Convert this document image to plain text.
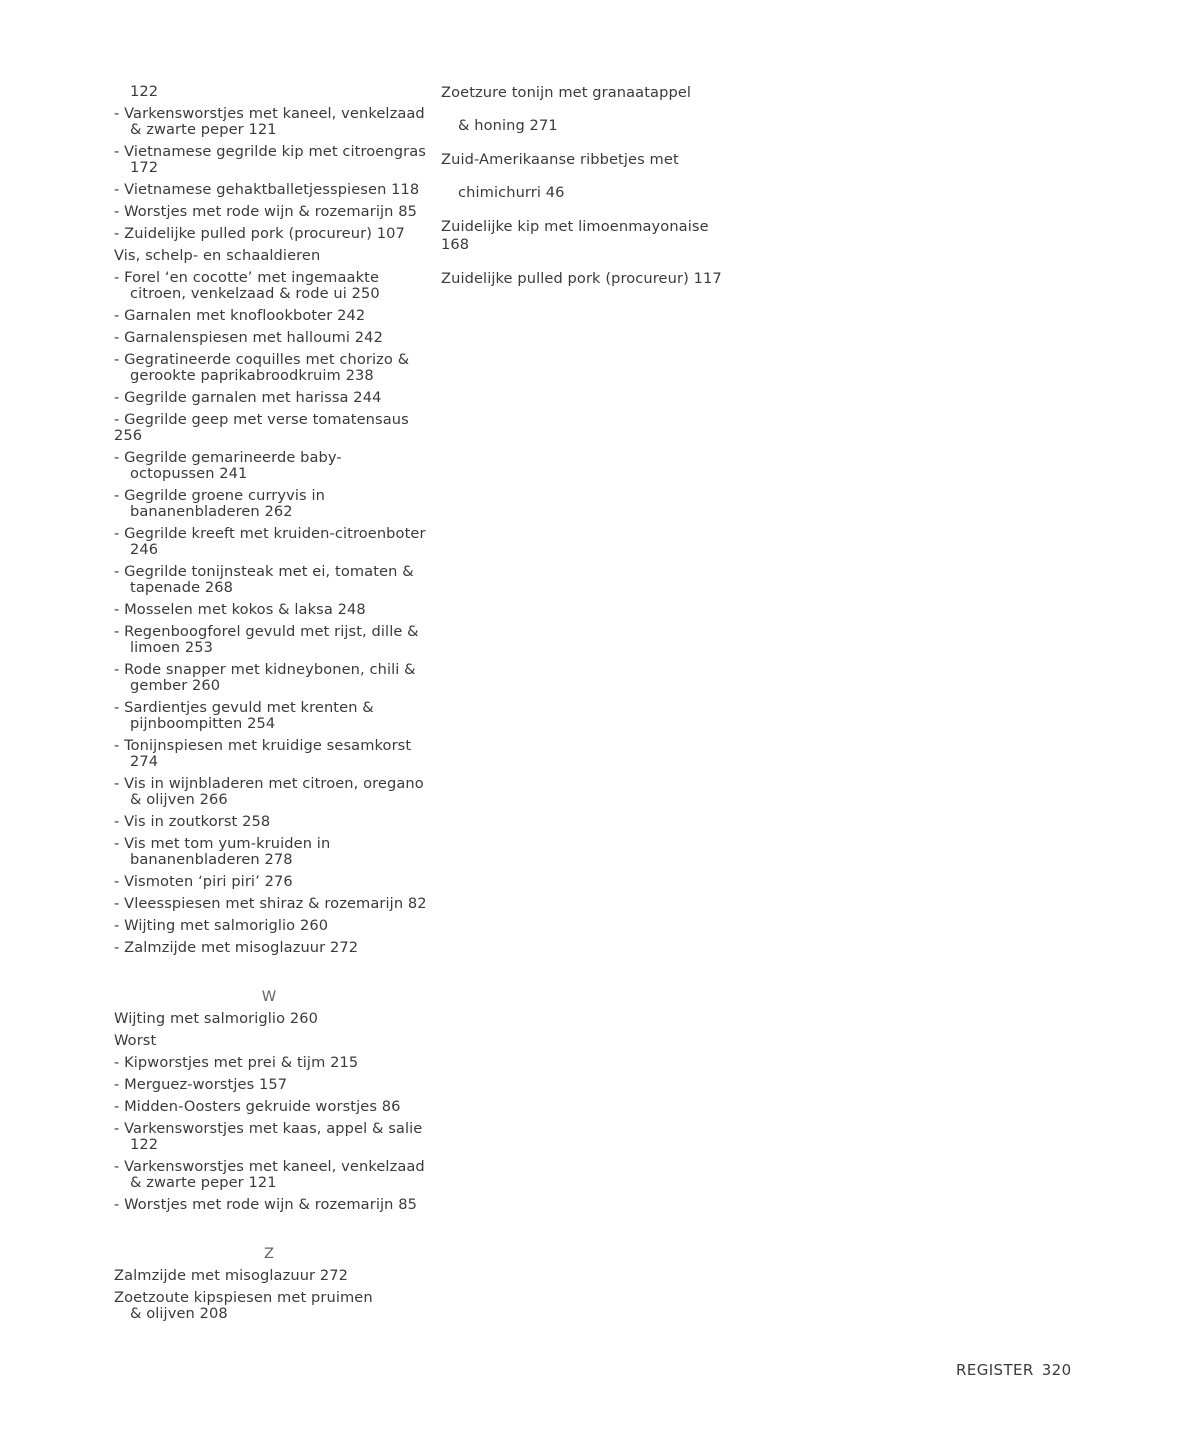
122
- Varkensworstjes met kaneel, venkelzaad
& zwarte peper 121
- Vietnamese gegrilde kip met citroengras
172
- Vietnamese gehaktballetjesspiesen 118
- Worstjes met rode wijn & rozemarijn 85
- Zuidelijke pulled pork (procureur) 107
Vis, schelp- en schaaldieren
- Forel ‘en cocotte’ met ingemaakte
citroen, venkelzaad & rode ui 250
- Garnalen met knoflookboter 242
- Garnalenspiesen met halloumi 242
- Gegratineerde coquilles met chorizo &
gerookte paprikabroodkruim 238
- Gegrilde garnalen met harissa 244
- Gegrilde geep met verse tomatensaus 256
- Gegrilde gemarineerde baby-
octopussen 241
- Gegrilde groene curryvis in
bananenbladeren 262
- Gegrilde kreeft met kruiden-citroenboter
246
- Gegrilde tonijnsteak met ei, tomaten &
tapenade 268
- Mosselen met kokos & laksa 248
- Regenboogforel gevuld met rijst, dille &
limoen 253
- Rode snapper met kidneybonen, chili &
gember 260
- Sardientjes gevuld met krenten &
pijnboompitten 254
- Tonijnspiesen met kruidige sesamkorst
274
- Vis in wijnbladeren met citroen, oregano
& olijven 266
- Vis in zoutkorst 258
- Vis met tom yum-kruiden in
bananenbladeren 278
- Vismoten ‘piri piri’ 276
- Vleesspiesen met shiraz & rozemarijn 82
- Wijting met salmoriglio 260
- Zalmzijde met misoglazuur 272
W
Wijting met salmoriglio 260
Worst
- Kipworstjes met prei & tijm 215
- Merguez-worstjes 157
- Midden-Oosters gekruide worstjes 86
- Varkensworstjes met kaas, appel & salie
122
- Varkensworstjes met kaneel, venkelzaad
& zwarte peper 121
- Worstjes met rode wijn & rozemarijn 85
Z
Zalmzijde met misoglazuur 272
Zoetzoute kipspiesen met pruimen
& olijven 208
Zoetzure tonijn met granaatappel
& honing 271
Zuid-Amerikaanse ribbetjes met
chimichurri 46
Zuidelijke kip met limoenmayonaise 168
Zuidelijke pulled pork (procureur) 117
REGISTER 320
